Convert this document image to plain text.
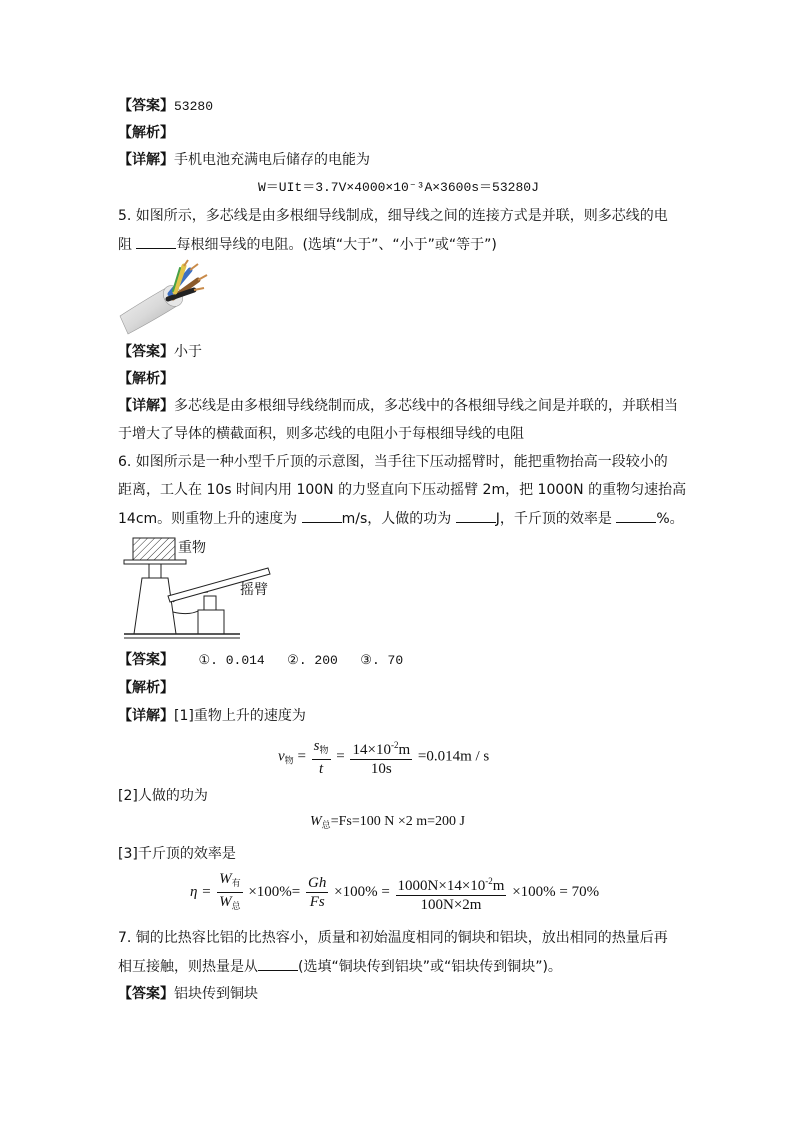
【答案】53280
【解析】
【详解】手机电池充满电后储存的电能为
W＝UIt＝3.7V×4000×10⁻³A×3600s＝53280J
5. 如图所示，多芯线是由多根细导线制成，细导线之间的连接方式是并联，则多芯线的电
阻	每根细导线的电阻。(选填“大于”、“小于”或“等于”)
【答案】小于
【解析】
【详解】多芯线是由多根细导线绕制而成，多芯线中的各根细导线之间是并联的，并联相当
于增大了导体的横截面积，则多芯线的电阻小于每根细导线的电阻
6. 如图所示是一种小型千斤顶的示意图，当手往下压动摇臂时，能把重物抬高一段较小的
距离，工人在 10s 时间内用 100N 的力竖直向下压动摇臂 2m，把 1000N 的重物匀速抬高
14cm。则重物上升的速度为	m/s，人做的功为	J，千斤顶的效率是	%。
重物
摇臂
【答案】 ①. 0.014 ②. 200 ③. 70
【解析】
【详解】[1]重物上升的速度为
$v_物 = \frac{s_物}{t} = \frac{14\times 10^{-2}m}{10s} =0.014m / s$
[2]人做的功为
$W_总=Fs=100$ N ×2 m=200 J
[3]千斤顶的效率是
$\eta = \frac{W_有}{W_总} \times 100\%= \frac{Gh}{Fs} \times 100\% = \frac{1000N\times 14\times 10^{-2}m}{100N\times 2m} \times 100\% = 70\%$
7. 铜的比热容比铝的比热容小，质量和初始温度相同的铜块和铝块，放出相同的热量后再
相互接触，则热量是从	(选填“铜块传到铝块”或“铝块传到铜块”)。
【答案】铝块传到铜块
